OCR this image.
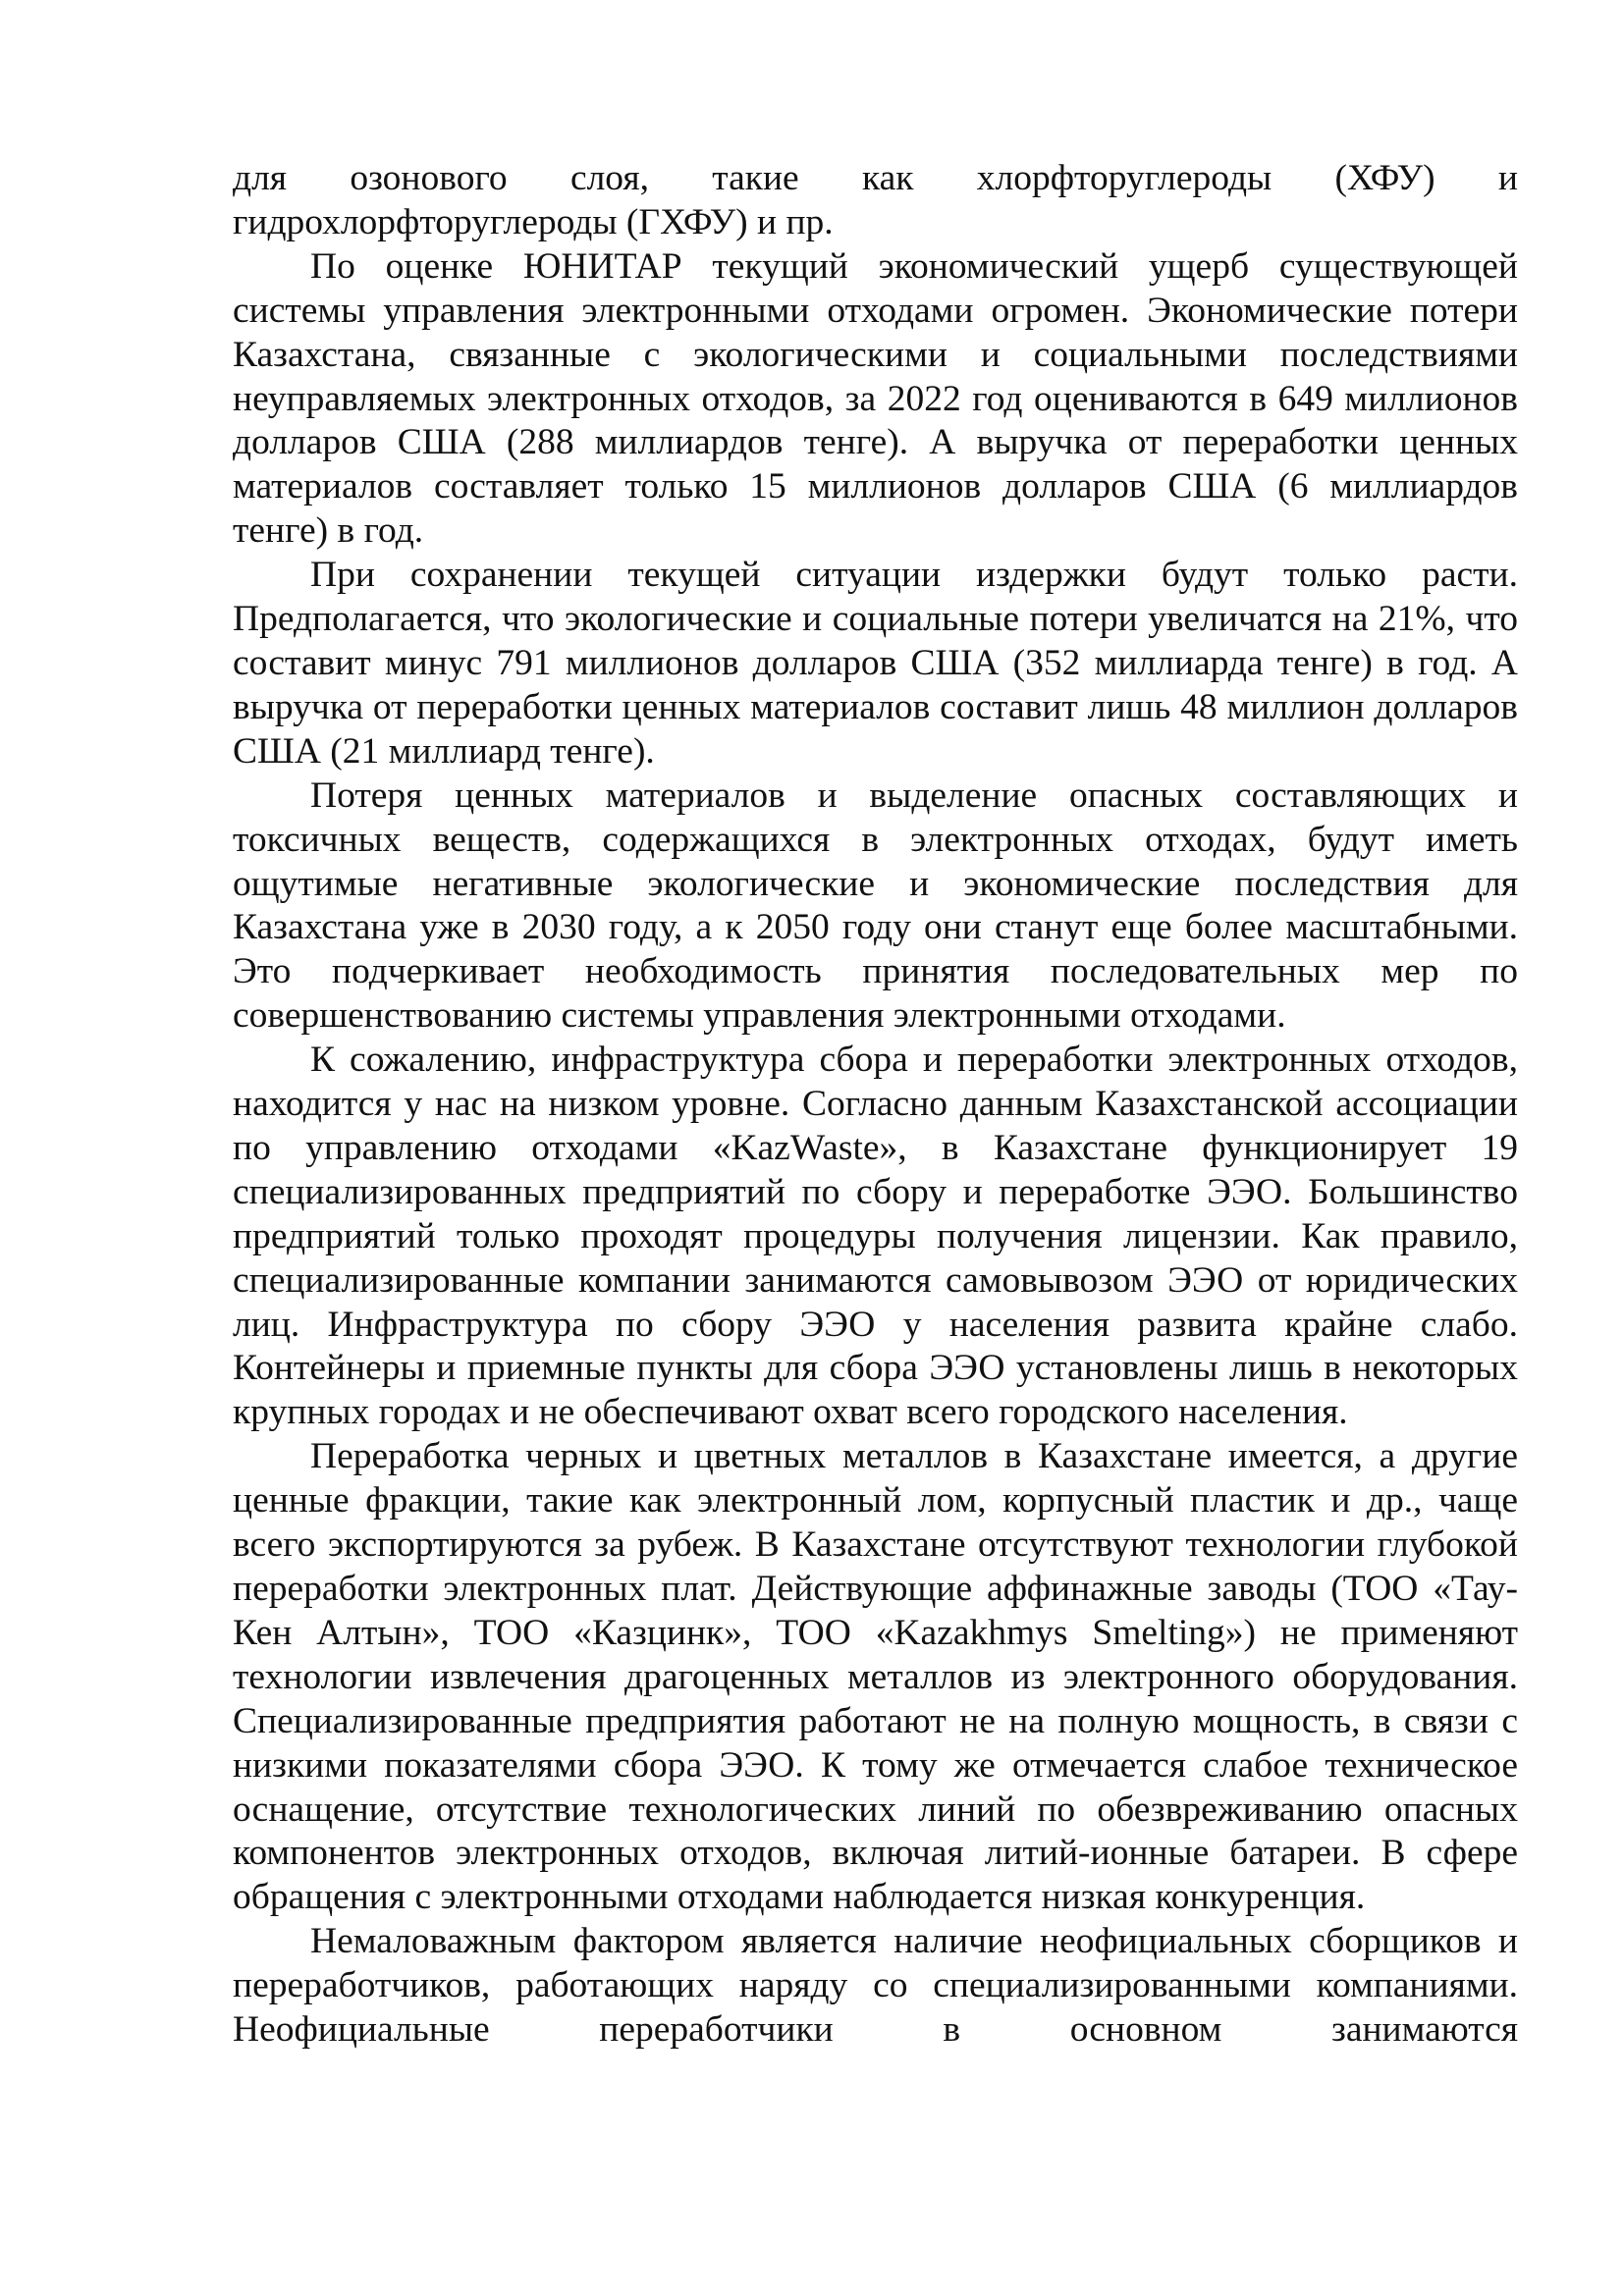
для озонового слоя, такие как хлорфторуглероды (ХФУ) и гидрохлорфторуглероды (ГХФУ) и пр.

По оценке ЮНИТАР текущий экономический ущерб существующей системы управления электронными отходами огромен. Экономические потери Казахстана, связанные с экологическими и социальными последствиями неуправляемых электронных отходов, за 2022 год оцениваются в 649 миллионов долларов США (288 миллиардов тенге). А выручка от переработки ценных материалов составляет только 15 миллионов долларов США (6 миллиардов тенге) в год.

При сохранении текущей ситуации издержки будут только расти. Предполагается, что экологические и социальные потери увеличатся на 21%, что составит минус 791 миллионов долларов США (352 миллиарда тенге) в год. А выручка от переработки ценных материалов составит лишь 48 миллион долларов США (21 миллиард тенге).

Потеря ценных материалов и выделение опасных составляющих и токсичных веществ, содержащихся в электронных отходах, будут иметь ощутимые негативные экологические и экономические последствия для Казахстана уже в 2030 году, а к 2050 году они станут еще более масштабными. Это подчеркивает необходимость принятия последовательных мер по совершенствованию системы управления электронными отходами.

К сожалению, инфраструктура сбора и переработки электронных отходов, находится у нас на низком уровне. Согласно данным Казахстанской ассоциации по управлению отходами «KazWaste», в Казахстане функционирует 19 специализированных предприятий по сбору и переработке ЭЭО. Большинство предприятий только проходят процедуры получения лицензии. Как правило, специализированные компании занимаются самовывозом ЭЭО от юридических лиц. Инфраструктура по сбору ЭЭО у населения развита крайне слабо. Контейнеры и приемные пункты для сбора ЭЭО установлены лишь в некоторых крупных городах и не обеспечивают охват всего городского населения.

Переработка черных и цветных металлов в Казахстане имеется, а другие ценные фракции, такие как электронный лом, корпусный пластик и др., чаще всего экспортируются за рубеж. В Казахстане отсутствуют технологии глубокой переработки электронных плат. Действующие аффинажные заводы (ТОО «Тау-Кен Алтын», ТОО «Казцинк», ТОО «Kazakhmys Smelting») не применяют технологии извлечения драгоценных металлов из электронного оборудования. Специализированные предприятия работают не на полную мощность, в связи с низкими показателями сбора ЭЭО. К тому же отмечается слабое техническое оснащение, отсутствие технологических линий по обезвреживанию опасных компонентов электронных отходов, включая литий-ионные батареи. В сфере обращения с электронными отходами наблюдается низкая конкуренция.

Немаловажным фактором является наличие неофициальных сборщиков и переработчиков, работающих наряду со специализированными компаниями. Неофициальные переработчики в основном занимаются
